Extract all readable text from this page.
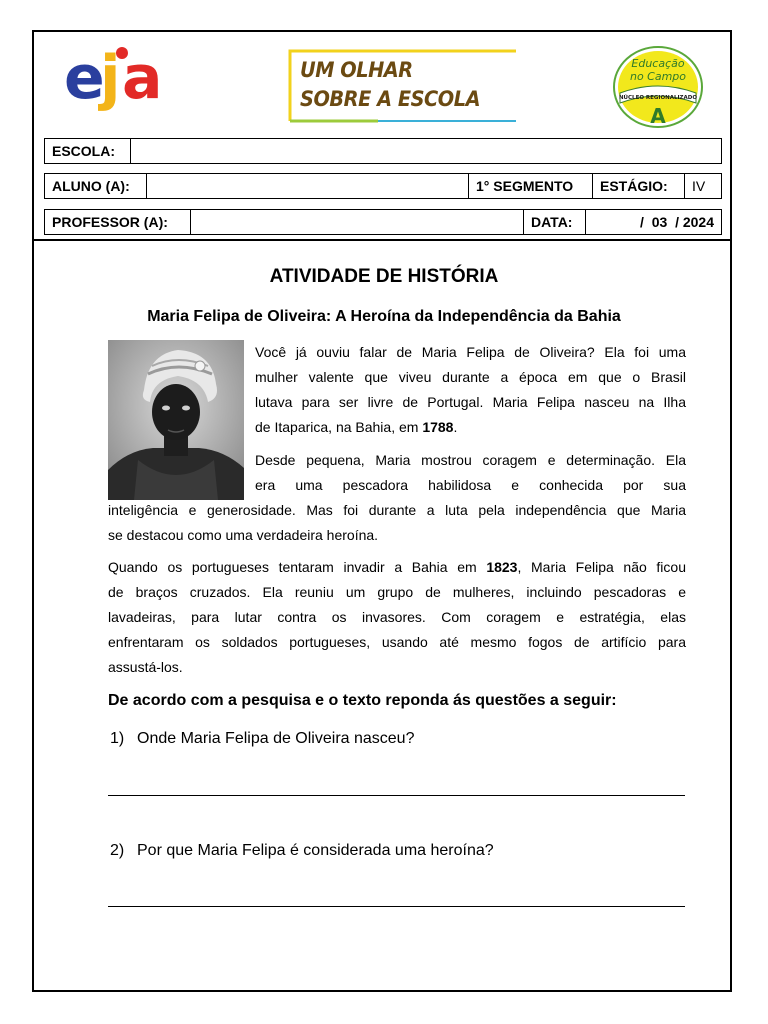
e
j a	UM OLHAR
SOBRE A ESCOLA
Educação
no Campo
NÚCLEO REGIONALIZADO
A
ESCOLA:
ALUNO (A):	1° SEGMENTO	ESTÁGIO:	IV
PROFESSOR (A):	DATA:	/  03  / 2024
ATIVIDADE DE HISTÓRIA
Maria Felipa de Oliveira: A Heroína da Independência da Bahia
Você já ouviu falar de Maria Felipa de Oliveira? Ela foi uma
mulher valente que viveu durante a época em que o Brasil
lutava para ser livre de Portugal. Maria Felipa nasceu na Ilha
de Itaparica, na Bahia, em 1788.
Desde pequena, Maria mostrou coragem e determinação. Ela
era uma pescadora habilidosa e conhecida por sua
inteligência e generosidade. Mas foi durante a luta pela independência que Maria
se destacou como uma verdadeira heroína.
Quando os portugueses tentaram invadir a Bahia em 1823, Maria Felipa não ficou
de braços cruzados. Ela reuniu um grupo de mulheres, incluindo pescadoras e
lavadeiras, para lutar contra os invasores. Com coragem e estratégia, elas
enfrentaram os soldados portugueses, usando até mesmo fogos de artifício para
assustá-los.
De acordo com a pesquisa e o texto reponda ás questões a seguir:
1) Onde Maria Felipa de Oliveira nasceu?
2) Por que Maria Felipa é considerada uma heroína?
